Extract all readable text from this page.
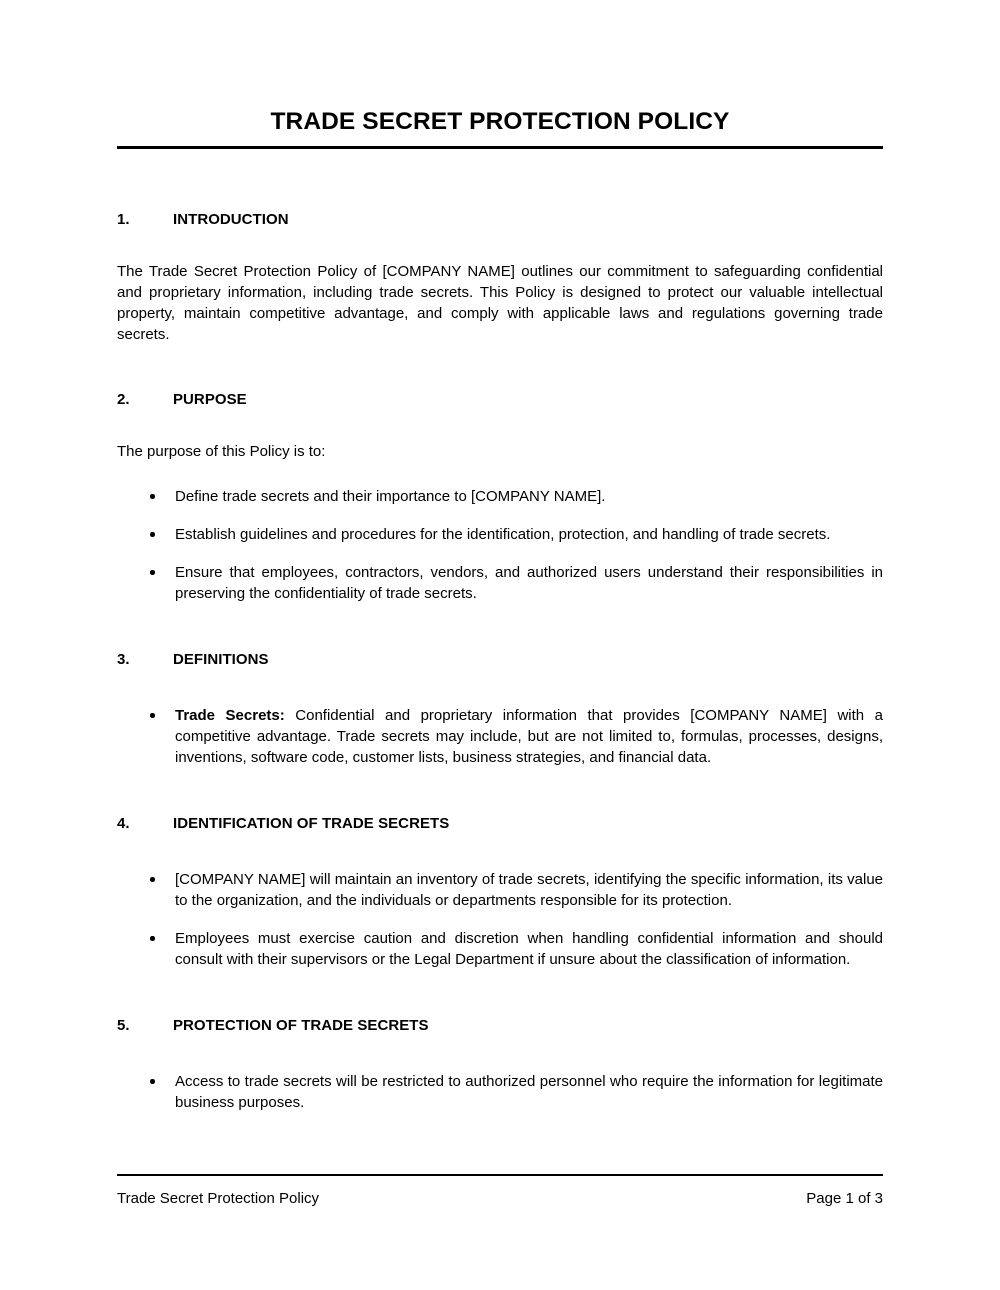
TRADE SECRET PROTECTION POLICY
1.	INTRODUCTION

The Trade Secret Protection Policy of [COMPANY NAME] outlines our commitment to safeguarding confidential and proprietary information, including trade secrets. This Policy is designed to protect our valuable intellectual property, maintain competitive advantage, and comply with applicable laws and regulations governing trade secrets.

2.	PURPOSE

The purpose of this Policy is to:

Define trade secrets and their importance to [COMPANY NAME].
Establish guidelines and procedures for the identification, protection, and handling of trade secrets.
Ensure that employees, contractors, vendors, and authorized users understand their responsibilities in preserving the confidentiality of trade secrets.
3.	DEFINITIONS
Trade Secrets: Confidential and proprietary information that provides [COMPANY NAME] with a competitive advantage. Trade secrets may include, but are not limited to, formulas, processes, designs, inventions, software code, customer lists, business strategies, and financial data.
4.	IDENTIFICATION OF TRADE SECRETS
[COMPANY NAME] will maintain an inventory of trade secrets, identifying the specific information, its value to the organization, and the individuals or departments responsible for its protection.
Employees must exercise caution and discretion when handling confidential information and should consult with their supervisors or the Legal Department if unsure about the classification of information.
5.	PROTECTION OF TRADE SECRETS
Access to trade secrets will be restricted to authorized personnel who require the information for legitimate business purposes.
Trade Secret Protection Policy	Page 1 of 3
